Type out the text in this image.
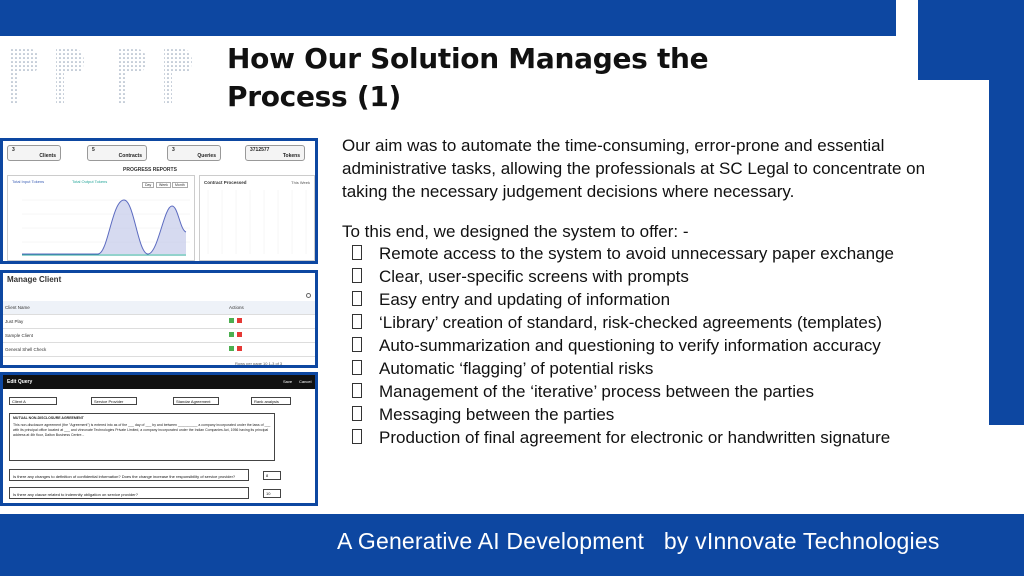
A Generative AI Development   by vInnovate Technologies
How Our Solution Manages the Process (1)

Our aim was to automate the time-consuming, error-prone and essential administrative tasks, allowing the professionals at SC Legal to concentrate on taking the necessary judgement decisions where necessary.

To this end, we designed the system to offer: -

Remote access to the system to avoid unnecessary paper exchange
Clear, user-specific screens with prompts
Easy entry and updating of information
‘Library’ creation of standard, risk-checked agreements (templates)
Auto-summarization and questioning to verify information accuracy
Automatic ‘flagging’ of potential risks
Management of the ‘iterative’ process between the parties
Messaging between the parties
Production of final agreement for electronic or handwritten signature
3
Clients
5
Contracts
3
Queries
3712577
Tokens
PROGRESS REPORTS
Total Input Tokens	Total Output Tokens
Day	Week	Month	Contract Processed	This Week
Manage Client
Client Name	Actions
Just Play
Sample Client
General Shell Check
Rows per page 10 1-3 of 3
Edit Query	Save Cancel
Client A	Service Provider	Standar Agreement	Rank analysis
MUTUAL NON-DISCLOSURE AGREEMENT
This non-disclosure agreement (the "Agreement") is entered into as of the ___ day of ___ by and between __________ a company incorporated under the laws of ___ with its principal office located at ___ and vInnovate Technologies Private Limited, a company incorporated under the Indian Companies Act, 1956 having its principal address at 4th floor, Dalton Business Centre...
Is there any changes to definition of confidential information? Does the change increase the responsibility of service provider?	8
Is there any clause related to indemnity obligation on service provider?	10
